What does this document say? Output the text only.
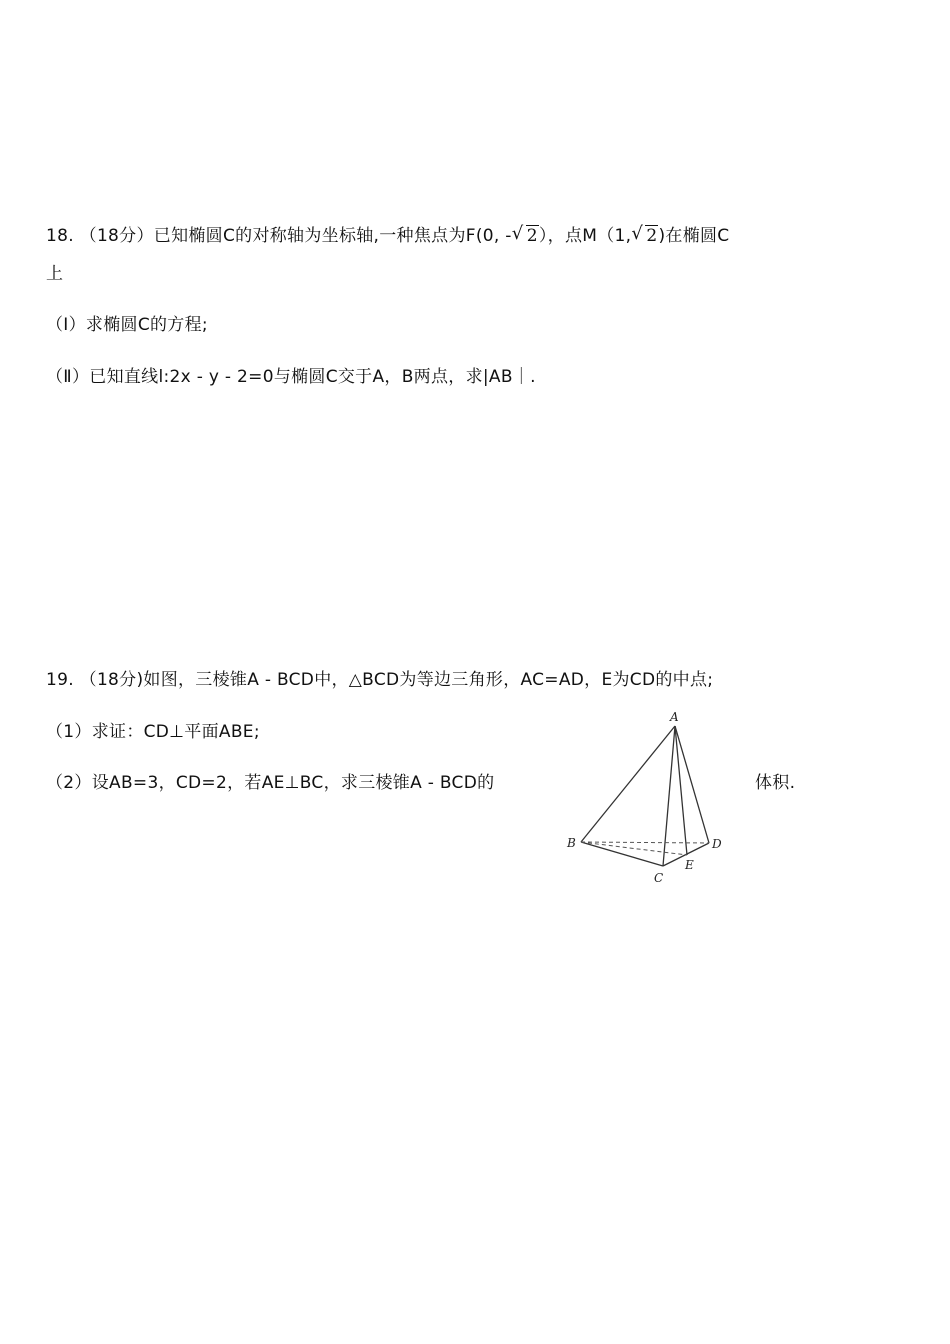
18. （18分）已知椭圆C的对称轴为坐标轴,一种焦点为F(0, - √ 2），点M（1, √ 2)在椭圆C
上
（Ⅰ）求椭圆C的方程;
（Ⅱ）已知直线l:2x - y - 2=0与椭圆C交于A，B两点，求|AB｜.
19. （18分)如图，三棱锥A - BCD中，△BCD为等边三角形，AC=AD，E为CD的中点;
（1）求证：CD⊥平面ABE;
（2）设AB=3，CD=2，若AE⊥BC，求三棱锥A - BCD的	体积.
A
B
C
D
E
